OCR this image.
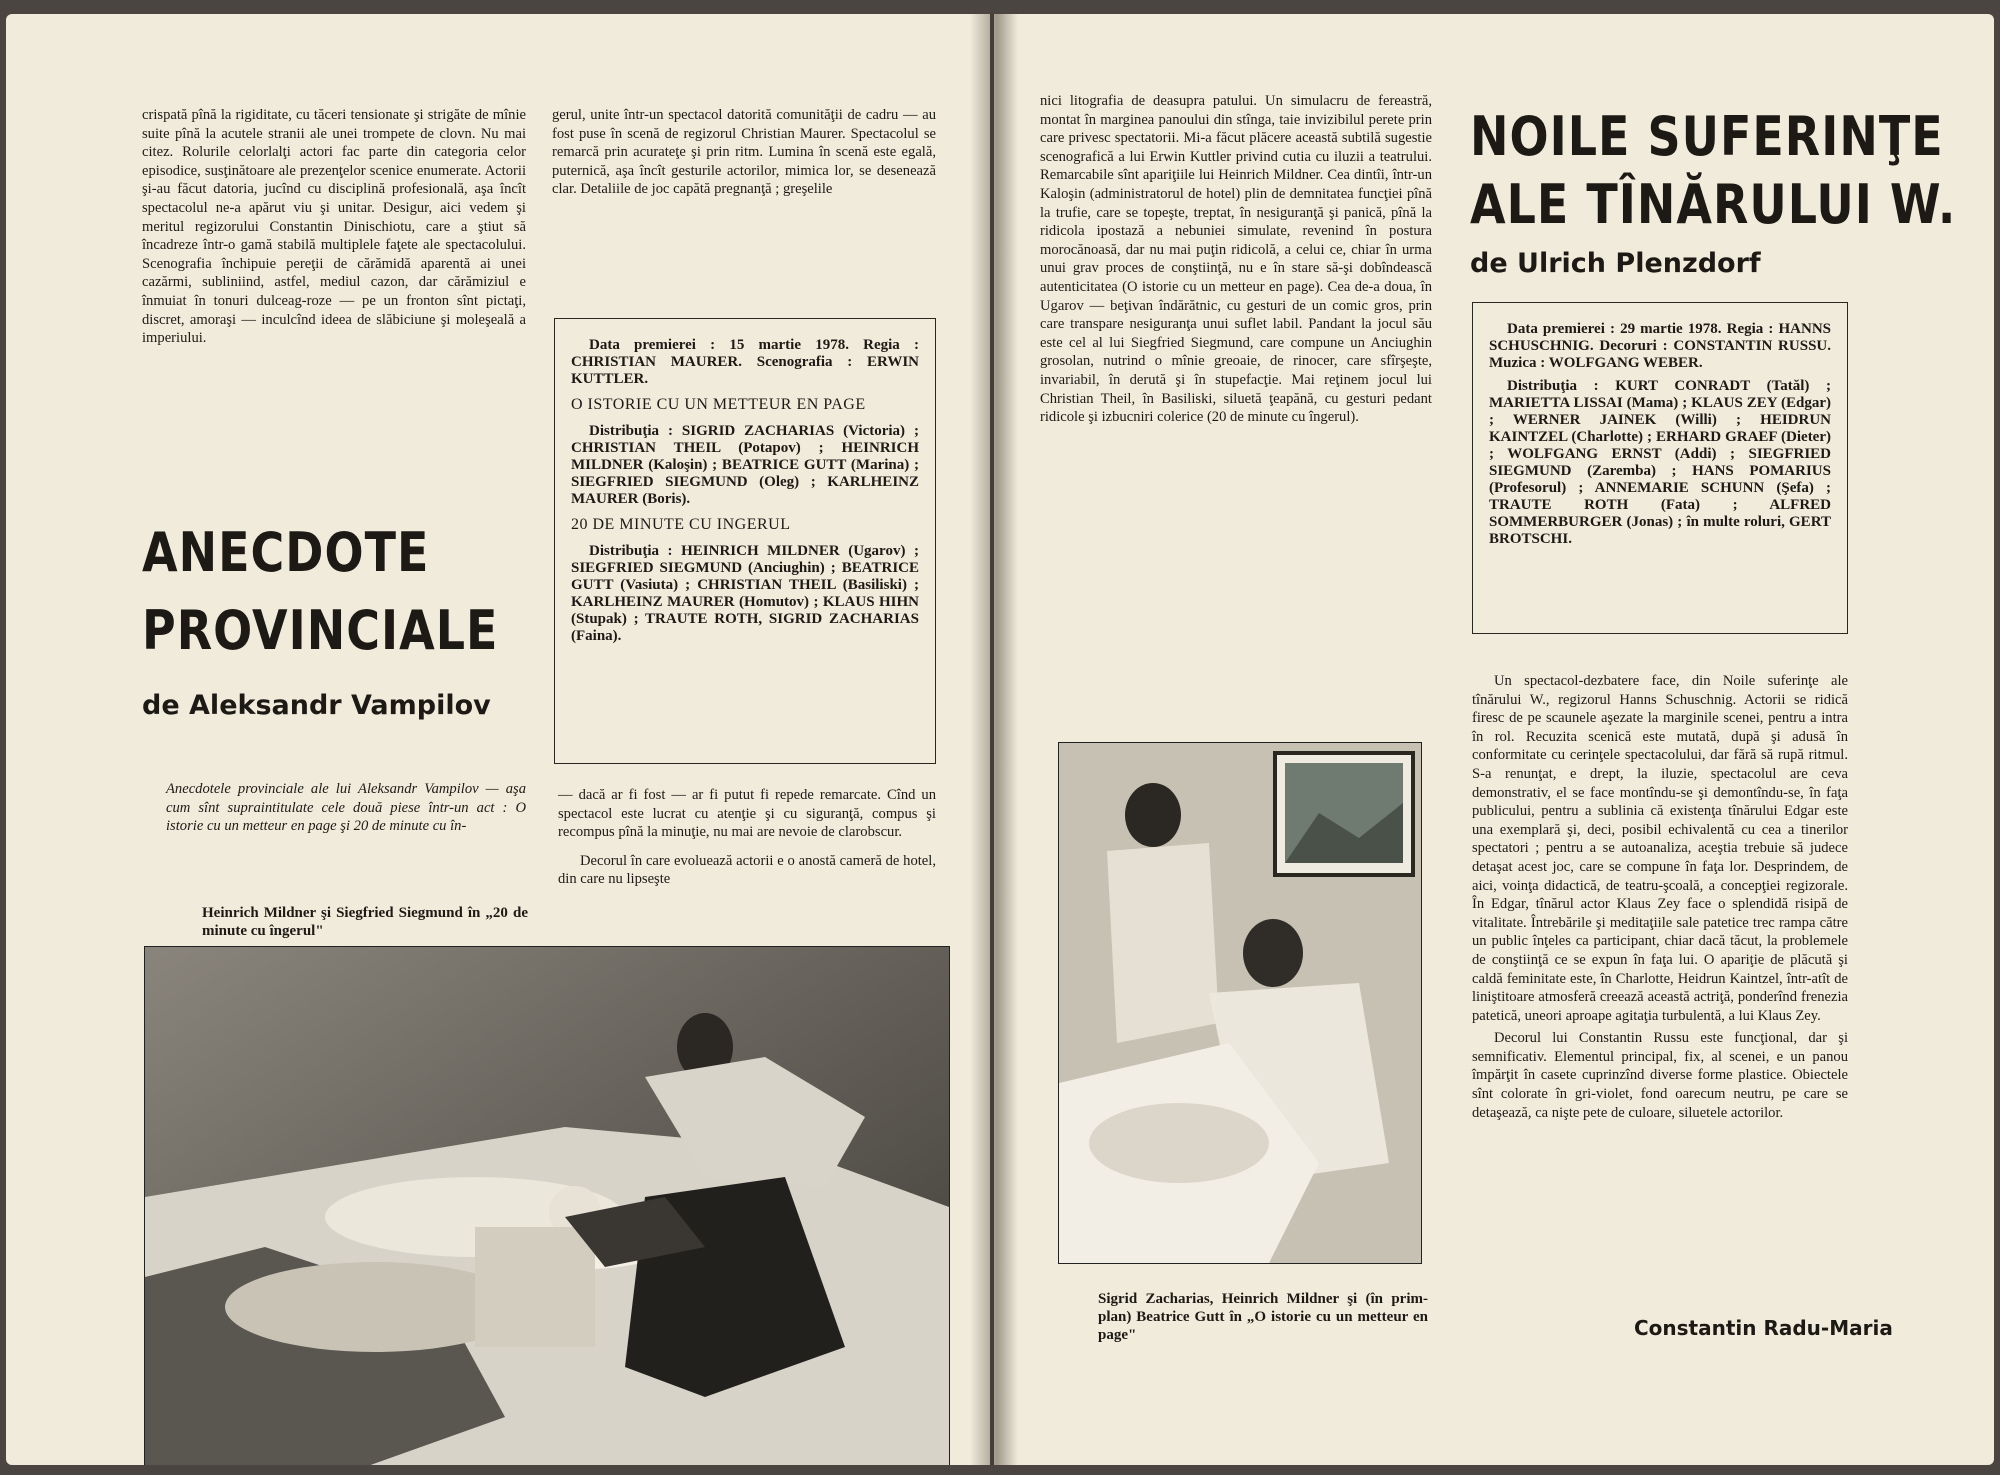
crispată pînă la rigiditate, cu tăceri tensionate şi strigăte de mînie suite pînă la acutele stranii ale unei trompete de clovn. Nu mai citez. Rolurile celorlalţi actori fac parte din categoria celor episodice, susţinătoare ale prezenţelor scenice enumerate. Actorii şi-au făcut datoria, jucînd cu disciplină profesională, aşa încît spectacolul ne-a apărut viu şi unitar. Desigur, aici vedem şi meritul regizorului Constantin Dinischiotu, care a ştiut să încadreze într-o gamă stabilă multiplele faţete ale spectacolului. Scenografia închipuie pereţii de cărămidă aparentă ai unei cazărmi, subliniind, astfel, mediul cazon, dar cărămiziul e înmuiat în tonuri dulceag-roze — pe un fronton sînt pictaţi, discret, amoraşi — inculcînd ideea de slăbiciune şi moleşeală a imperiului.

gerul, unite într-un spectacol datorită comunităţii de cadru — au fost puse în scenă de regizorul Christian Maurer. Spectacolul se remarcă prin acurateţe şi prin ritm. Lumina în scenă este egală, puternică, aşa încît gesturile actorilor, mimica lor, se desenează clar. Detaliile de joc capătă pregnanţă ; greşelile

Data premierei : 15 martie 1978. Regia : CHRISTIAN MAURER. Scenografia : ERWIN KUTTLER.

O ISTORIE CU UN METTEUR EN PAGE

Distribuţia : SIGRID ZACHARIAS (Victoria) ; CHRISTIAN THEIL (Potapov) ; HEINRICH MILDNER (Kaloşin) ; BEATRICE GUTT (Marina) ; SIEGFRIED SIEGMUND (Oleg) ; KARLHEINZ MAURER (Boris).

20 DE MINUTE CU INGERUL

Distribuţia : HEINRICH MILDNER (Ugarov) ; SIEGFRIED SIEGMUND (Anciughin) ; BEATRICE GUTT (Vasiuta) ; CHRISTIAN THEIL (Basiliski) ; KARLHEINZ MAURER (Homutov) ; KLAUS HIHN (Stupak) ; TRAUTE ROTH, SIGRID ZACHARIAS (Faina).

ANECDOTE
PROVINCIALE

de Aleksandr Vampilov

Anecdotele provinciale ale lui Aleksandr Vampilov — aşa cum sînt supraintitulate cele două piese într-un act : O istorie cu un metteur en page şi 20 de minute cu în-

— dacă ar fi fost — ar fi putut fi repede remarcate. Cînd un spectacol este lucrat cu atenţie şi cu siguranţă, compus şi recompus pînă la minuţie, nu mai are nevoie de clarobscur.

Decorul în care evoluează actorii e o anostă cameră de hotel, din care nu lipseşte

Heinrich Mildner şi Siegfried Siegmund în „20 de minute cu îngerul"

nici litografia de deasupra patului. Un simulacru de fereastră, montat în marginea panoului din stînga, taie invizibilul perete prin care privesc spectatorii. Mi-a făcut plăcere această subtilă sugestie scenografică a lui Erwin Kuttler privind cutia cu iluzii a teatrului. Remarcabile sînt apariţiile lui Heinrich Mildner. Cea dintîi, într-un Kaloşin (administratorul de hotel) plin de demnitatea funcţiei pînă la trufie, care se topeşte, treptat, în nesiguranţă şi panică, pînă la ridicola ipostază a nebuniei simulate, revenind în postura morocănoasă, dar nu mai puţin ridicolă, a celui ce, chiar în urma unui grav proces de conştiinţă, nu e în stare să-şi dobîndească autenticitatea (O istorie cu un metteur en page). Cea de-a doua, în Ugarov — beţivan îndărătnic, cu gesturi de un comic gros, prin care transpare nesiguranţa unui suflet labil. Pandant la jocul său este cel al lui Siegfried Siegmund, care compune un Anciughin grosolan, nutrind o mînie greoaie, de rinocer, care sfîrşeşte, invariabil, în derută şi în stupefacţie. Mai reţinem jocul lui Christian Theil, în Basiliski, siluetă ţeapănă, cu gesturi pedant ridicole şi izbucniri colerice (20 de minute cu îngerul).

NOILE SUFERINŢE
ALE TÎNĂRULUI W.

de Ulrich Plenzdorf

Data premierei : 29 martie 1978. Regia : HANNS SCHUSCHNIG. Decoruri : CONSTANTIN RUSSU. Muzica : WOLFGANG WEBER.

Distribuţia : KURT CONRADT (Tatăl) ; MARIETTA LISSAI (Mama) ; KLAUS ZEY (Edgar) ; WERNER JAINEK (Willi) ; HEIDRUN KAINTZEL (Charlotte) ; ERHARD GRAEF (Dieter) ; WOLFGANG ERNST (Addi) ; SIEGFRIED SIEGMUND (Zaremba) ; HANS POMARIUS (Profesorul) ; ANNEMARIE SCHUNN (Şefa) ; TRAUTE ROTH (Fata) ; ALFRED SOMMERBURGER (Jonas) ; în multe roluri, GERT BROTSCHI.

Un spectacol-dezbatere face, din Noile suferinţe ale tînărului W., regizorul Hanns Schuschnig. Actorii se ridică firesc de pe scaunele aşezate la marginile scenei, pentru a intra în rol. Recuzita scenică este mutată, după şi adusă în conformitate cu cerinţele spectacolului, dar fără să rupă ritmul. S-a renunţat, e drept, la iluzie, spectacolul are ceva demonstrativ, el se face montîndu-se şi demontîndu-se, în faţa publicului, pentru a sublinia că existenţa tînărului Edgar este una exemplară şi, deci, posibil echivalentă cu cea a tinerilor spectatori ; pentru a se autoanaliza, aceştia trebuie să judece detaşat acest joc, care se compune în faţa lor. Desprindem, de aici, voinţa didactică, de teatru-şcoală, a concepţiei regizorale. În Edgar, tînărul actor Klaus Zey face o splendidă risipă de vitalitate. Întrebările şi meditaţiile sale patetice trec rampa către un public înţeles ca participant, chiar dacă tăcut, la problemele de conştiinţă ce se expun în faţa lui. O apariţie de plăcută şi caldă feminitate este, în Charlotte, Heidrun Kaintzel, într-atît de liniştitoare atmosferă creează această actriţă, ponderînd frenezia patetică, uneori aproape agitaţia turbulentă, a lui Klaus Zey.

Decorul lui Constantin Russu este funcţional, dar şi semnificativ. Elementul principal, fix, al scenei, e un panou împărţit în casete cuprinzînd diverse forme plastice. Obiectele sînt colorate în gri-violet, fond oarecum neutru, pe care se detaşează, ca nişte pete de culoare, siluetele actorilor.

Constantin Radu-Maria

Sigrid Zacharias, Heinrich Mildner şi (în prim-plan) Beatrice Gutt în „O istorie cu un metteur en page"
